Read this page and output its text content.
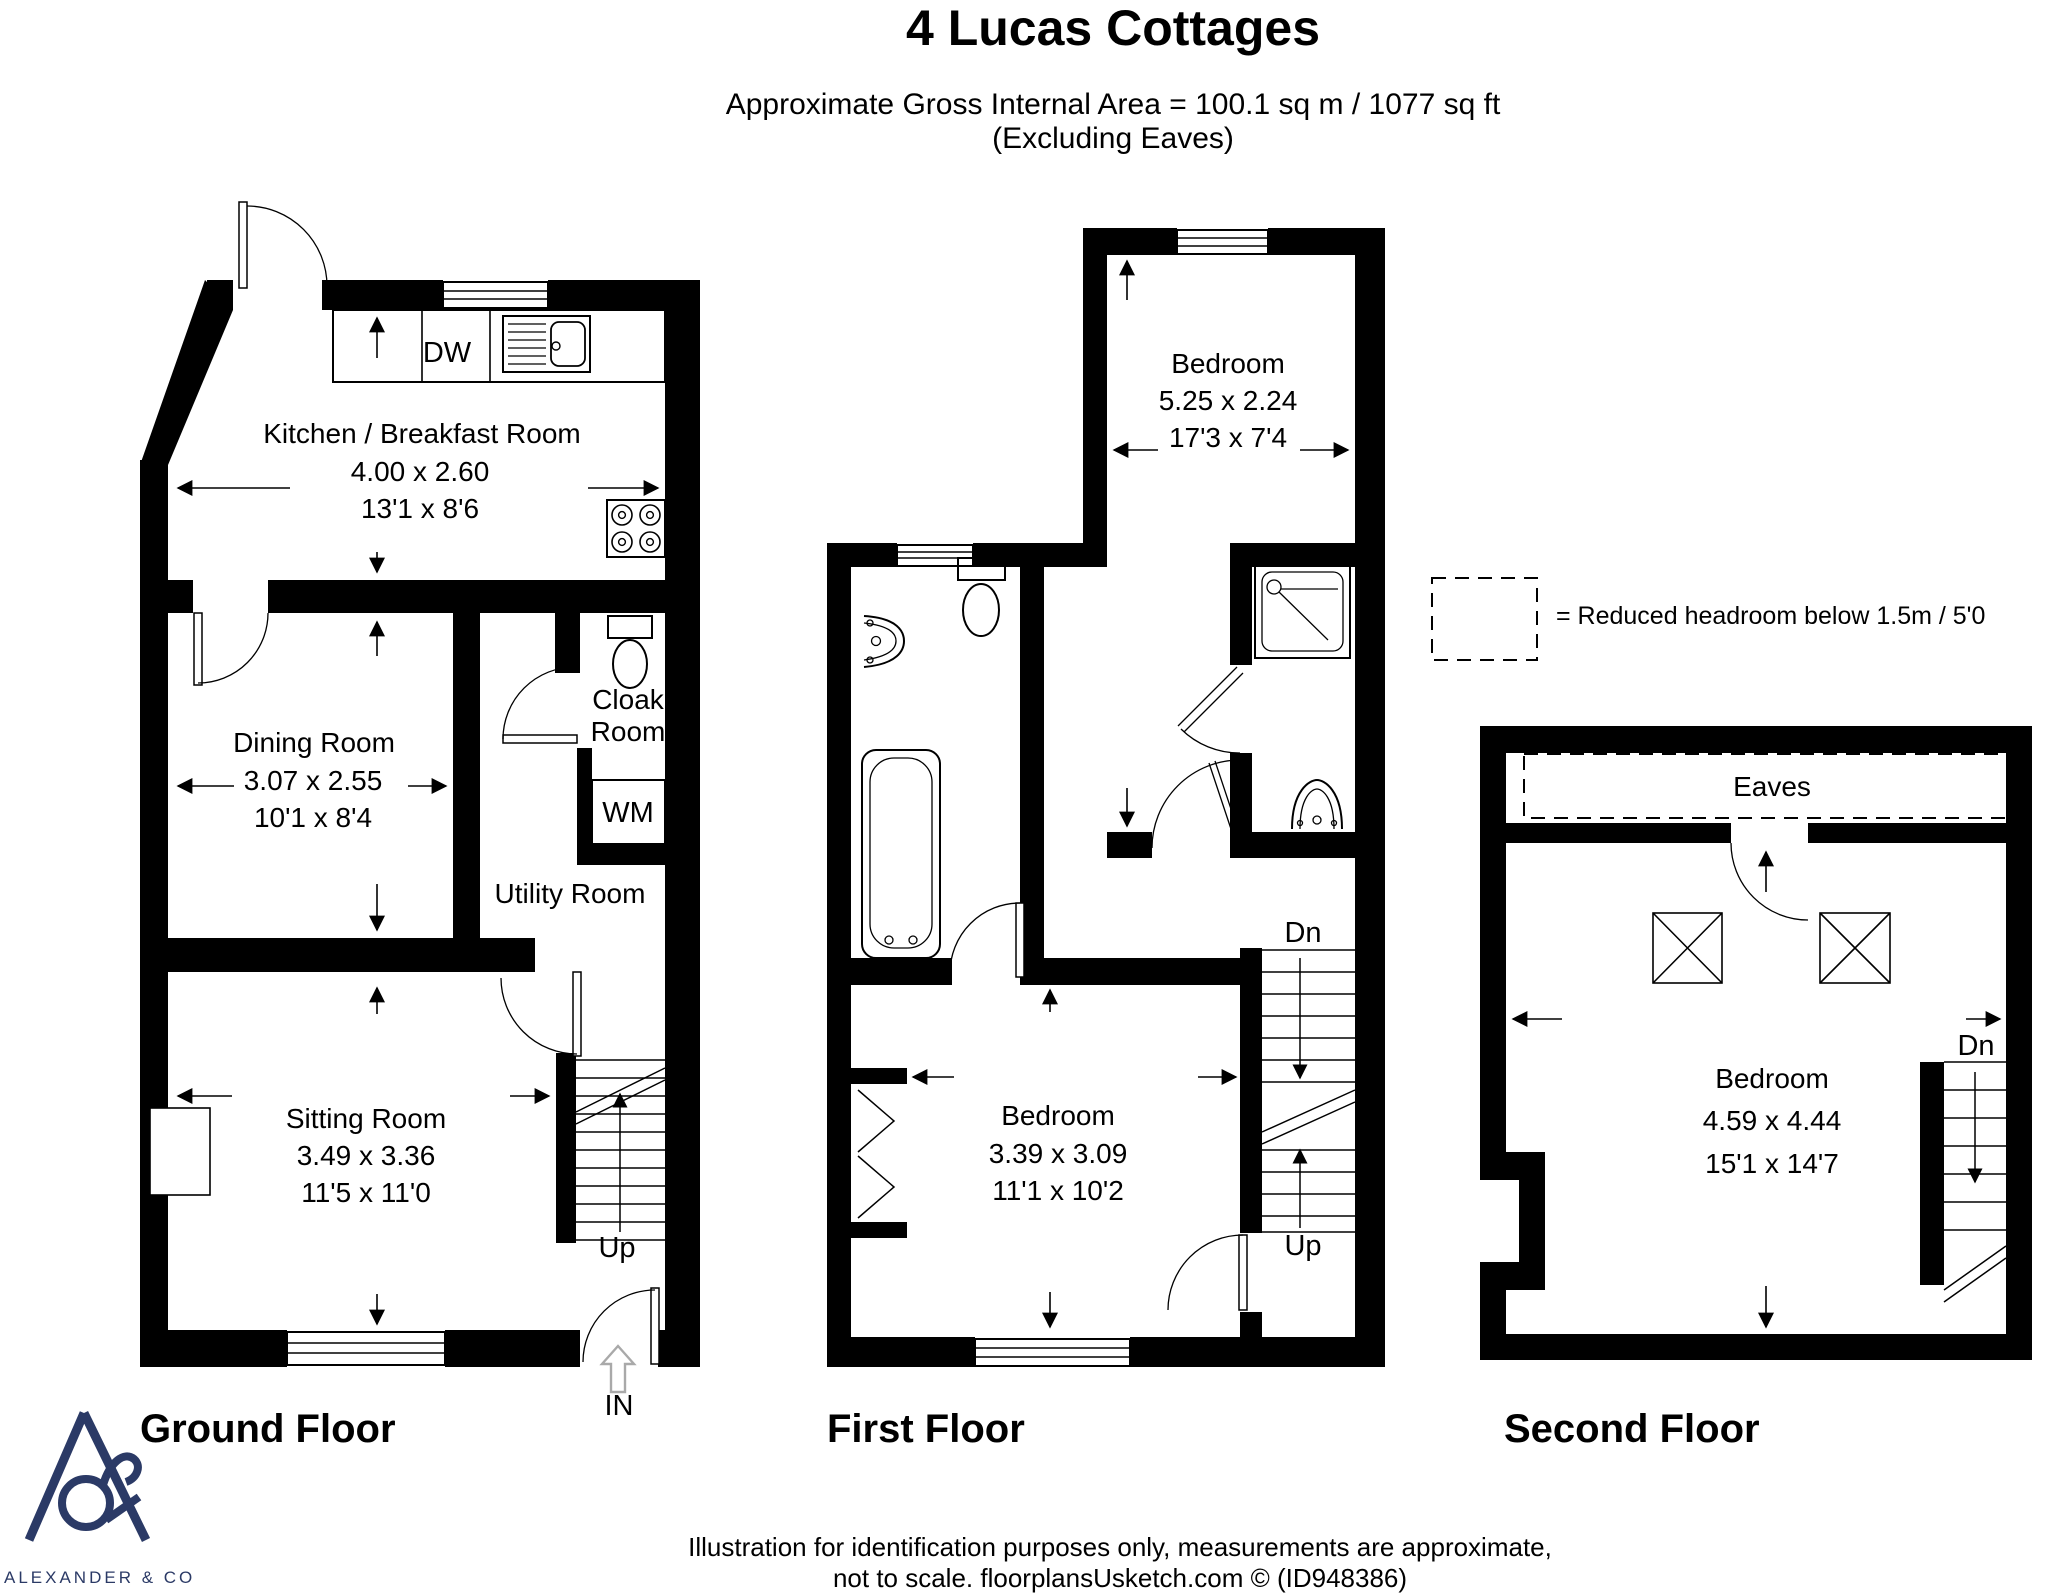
4 Lucas Cottages
Approximate Gross Internal Area = 100.1 sq m / 1077 sq ft
(Excluding Eaves)
= Reduced headroom below 1.5m / 5'0
Kitchen / Breakfast Room
4.00 x 2.60
13'1 x 8'6
DW
Cloak
Room
WM
Utility Room
Dining Room
3.07 x 2.55
10'1 x 8'4
Sitting Room
3.49 x 3.36
11'5 x 11'0
Up
IN
Ground Floor
Bedroom
5.25 x 2.24
17'3 x 7'4
Bedroom
3.39 x 3.09
11'1 x 10'2
Dn
Up
First Floor
Eaves
Bedroom
4.59 x 4.44
15'1 x 14'7
Dn
Second Floor
Illustration for identification purposes only, measurements are approximate,
not to scale. floorplansUsketch.com © (ID948386)
ALEXANDER & CO
